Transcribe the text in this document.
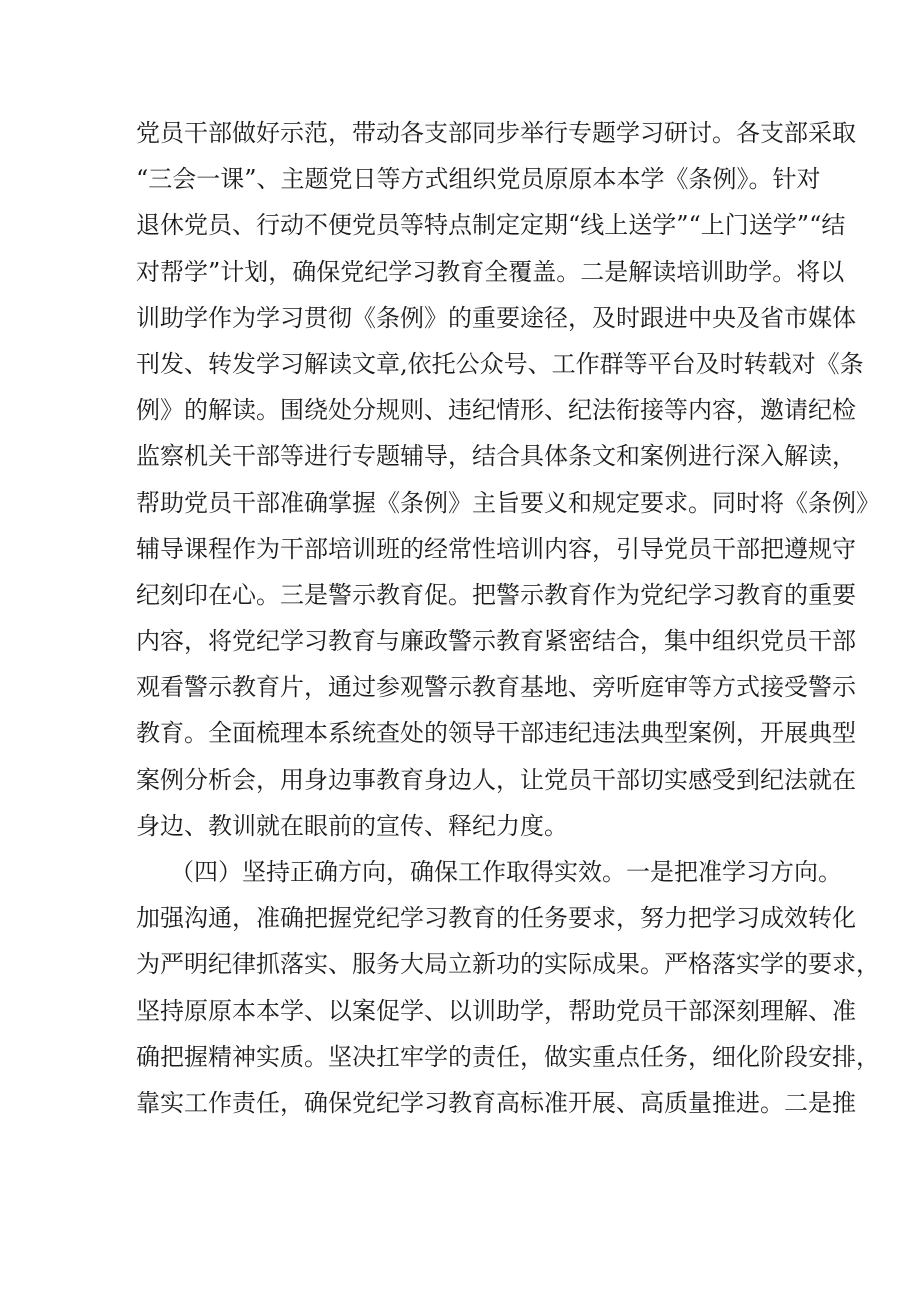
党员干部做好示范，带动各支部同步举行专题学习研讨。各支部采取
“三会一课”、主题党日等方式组织党员原原本本学《条例》。针对
退休党员、行动不便党员等特点制定定期“线上送学”“上门送学”“结
对帮学”计划，确保党纪学习教育全覆盖。二是解读培训助学。将以
训助学作为学习贯彻《条例》的重要途径，及时跟进中央及省市媒体
刊发、转发学习解读文章,依托公众号、工作群等平台及时转载对《条
例》的解读。围绕处分规则、违纪情形、纪法衔接等内容，邀请纪检
监察机关干部等进行专题辅导，结合具体条文和案例进行深入解读，
帮助党员干部准确掌握《条例》主旨要义和规定要求。同时将《条例》
辅导课程作为干部培训班的经常性培训内容，引导党员干部把遵规守
纪刻印在心。三是警示教育促。把警示教育作为党纪学习教育的重要
内容，将党纪学习教育与廉政警示教育紧密结合，集中组织党员干部
观看警示教育片，通过参观警示教育基地、旁听庭审等方式接受警示
教育。全面梳理本系统查处的领导干部违纪违法典型案例，开展典型
案例分析会，用身边事教育身边人，让党员干部切实感受到纪法就在
身边、教训就在眼前的宣传、释纪力度。
（四）坚持正确方向，确保工作取得实效。一是把准学习方向。
加强沟通，准确把握党纪学习教育的任务要求，努力把学习成效转化
为严明纪律抓落实、服务大局立新功的实际成果。严格落实学的要求，
坚持原原本本学、以案促学、以训助学，帮助党员干部深刻理解、准
确把握精神实质。坚决扛牢学的责任，做实重点任务，细化阶段安排，
靠实工作责任，确保党纪学习教育高标准开展、高质量推进。二是推
